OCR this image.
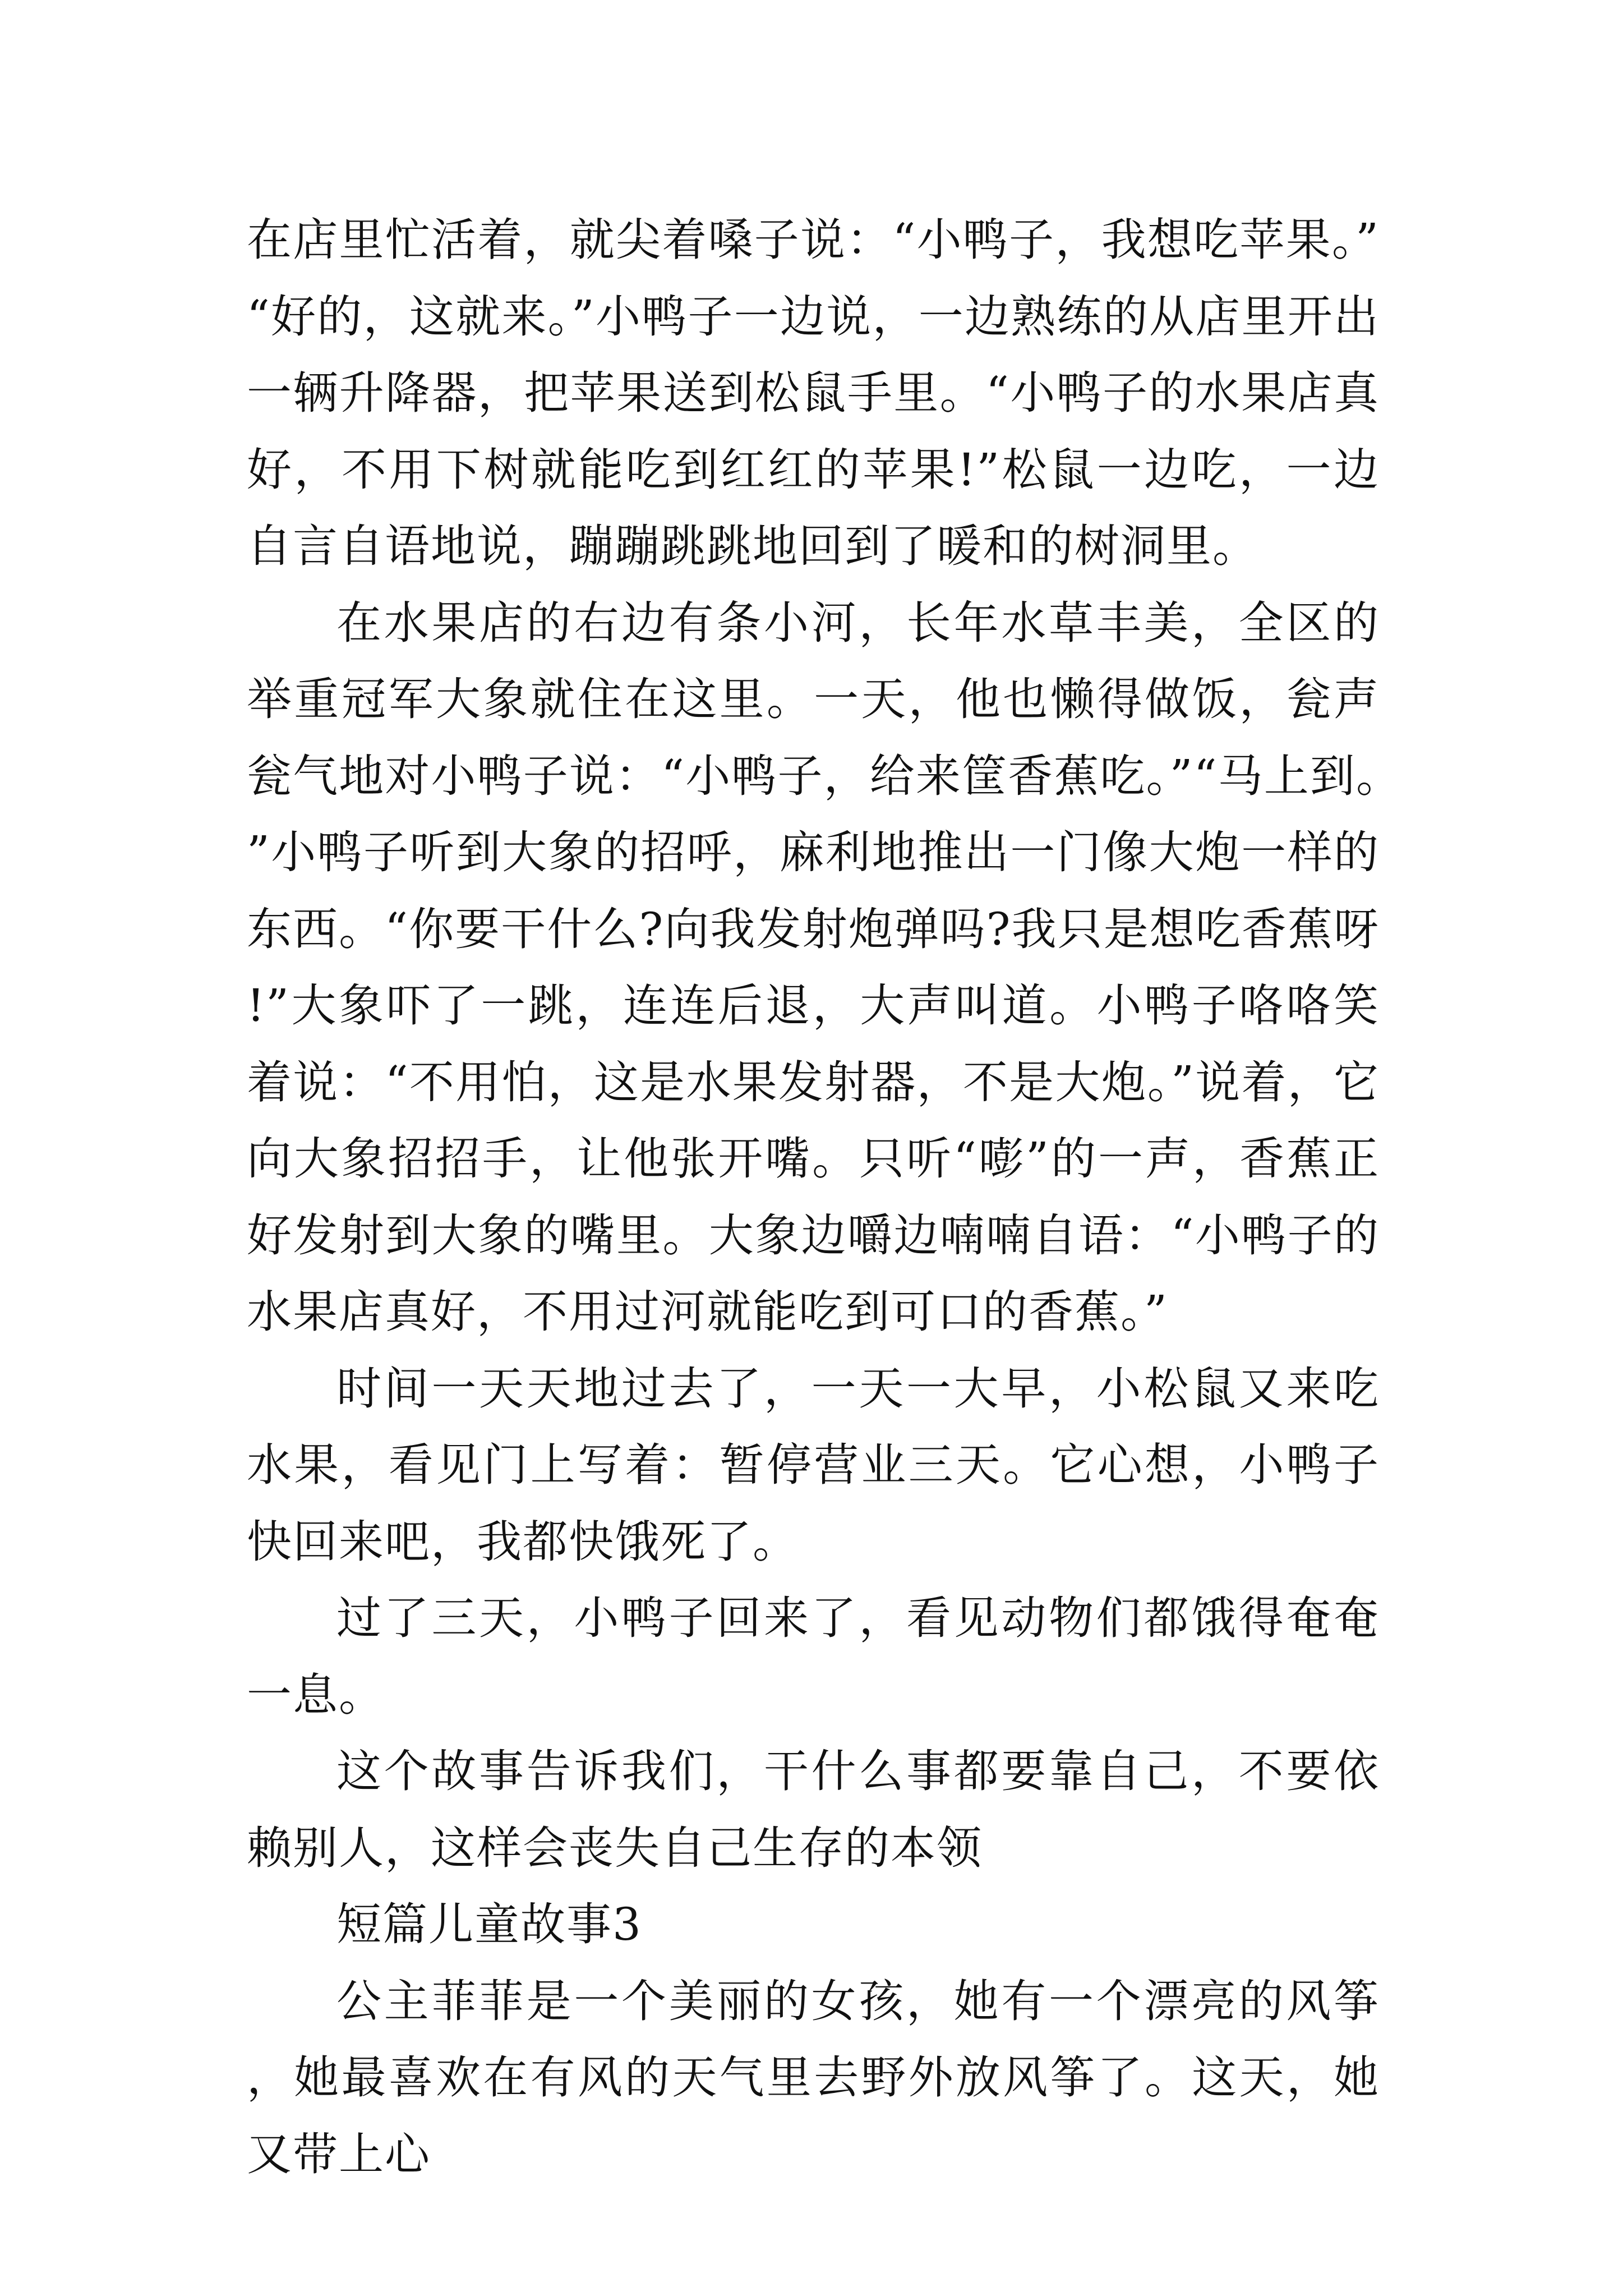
在店里忙活着，就尖着嗓子说：“小鸭子，我想吃苹果。”“好的，这就来。”小鸭子一边说，一边熟练的从店里开出一辆升降器，把苹果送到松鼠手里。“小鸭子的水果店真好，不用下树就能吃到红红的苹果!”松鼠一边吃，一边自言自语地说，蹦蹦跳跳地回到了暖和的树洞里。

在水果店的右边有条小河，长年水草丰美，全区的举重冠军大象就住在这里。一天，他也懒得做饭，瓮声瓮气地对小鸭子说：“小鸭子，给来筐香蕉吃。”“马上到。”小鸭子听到大象的招呼，麻利地推出一门像大炮一样的东西。“你要干什么?向我发射炮弹吗?我只是想吃香蕉呀!”大象吓了一跳，连连后退，大声叫道。小鸭子咯咯笑着说：“不用怕，这是水果发射器，不是大炮。”说着，它向大象招招手，让他张开嘴。只听“嘭”的一声，香蕉正好发射到大象的嘴里。大象边嚼边喃喃自语：“小鸭子的水果店真好，不用过河就能吃到可口的香蕉。”

时间一天天地过去了，一天一大早，小松鼠又来吃水果，看见门上写着：暂停营业三天。它心想，小鸭子快回来吧，我都快饿死了。

过了三天，小鸭子回来了，看见动物们都饿得奄奄一息。

这个故事告诉我们，干什么事都要靠自己，不要依赖别人，这样会丧失自己生存的本领

短篇儿童故事3

公主菲菲是一个美丽的女孩，她有一个漂亮的风筝，她最喜欢在有风的天气里去野外放风筝了。这天，她又带上心
